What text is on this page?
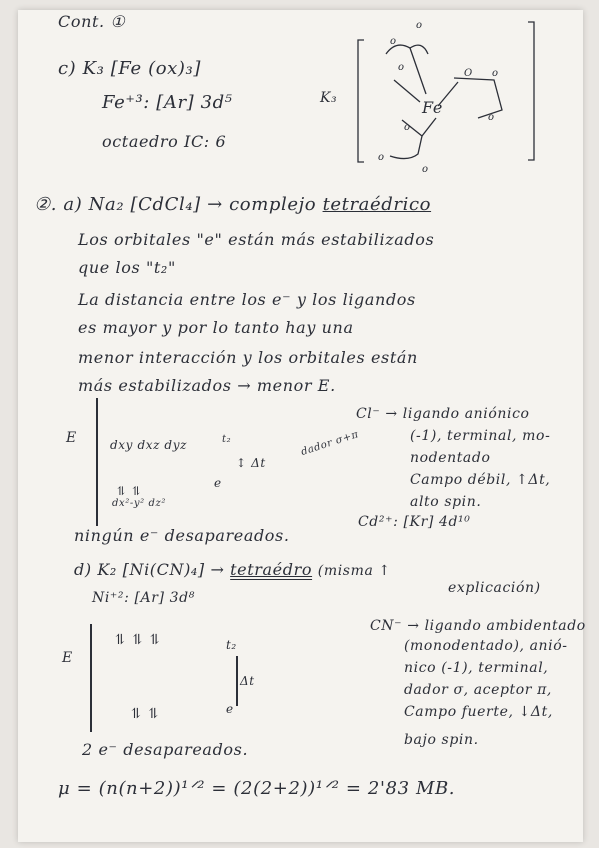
Cont. ①
c) K₃ [Fe (ox)₃]
Fe⁺³: [Ar] 3d⁵
octaedro IC: 6
K₃	Fe
o
o
o
O o
o
o
o
o
②. a) Na₂ [CdCl₄] → complejo tetraédrico
Los orbitales "e" están más estabilizados
que los "t₂"
La distancia entre los e⁻ y los ligandos
es mayor y por lo tanto hay una
menor interacción y los orbitales están
más estabilizados → menor E.
E	dxy dxz dyz	t₂
↕ Δt
⥮ ⥮
dx²-y² dz²
e
dador σ+π
Cl⁻ → ligando aniónico
(-1), terminal, mo-
nodentado
Campo débil, ↑Δt,
alto spin.
Cd²⁺: [Kr] 4d¹⁰
ningún e⁻ desapareados.
d) K₂ [Ni(CN)₄] → tetraédro (misma ↑
explicación)
Ni⁺²: [Ar] 3d⁸
E
⥮ ⥮ ⥮	t₂
Δt
⥮ ⥮	e
CN⁻ → ligando ambidentado
(monodentado), anió-
nico (-1), terminal,
dador σ, aceptor π,
Campo fuerte, ↓Δt,
bajo spin.
2 e⁻ desapareados.
μ = (n(n+2))¹ᐟ² = (2(2+2))¹ᐟ² = 2'83 MB.
